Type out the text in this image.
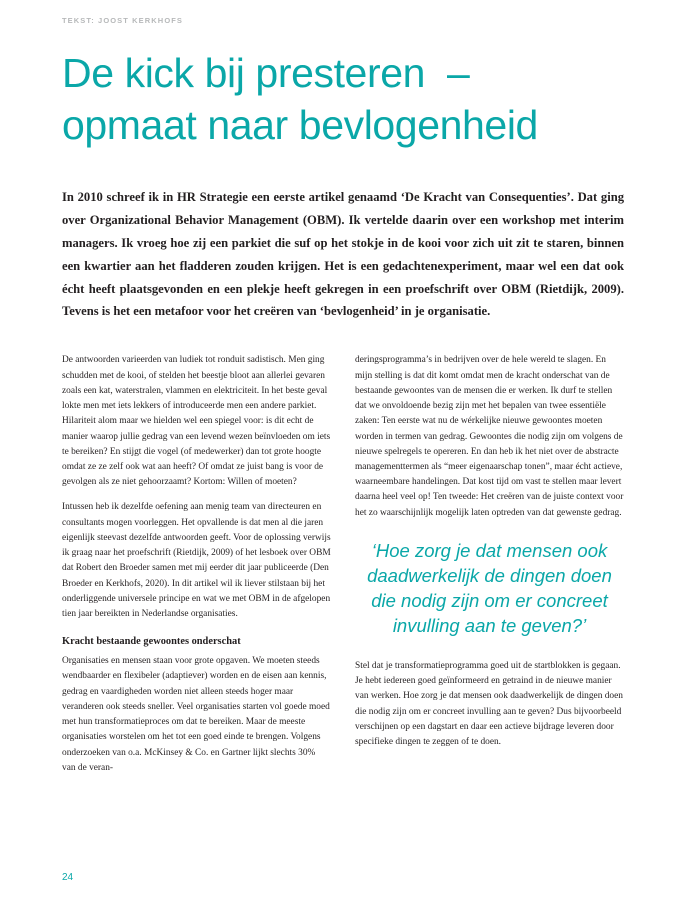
TEKST: JOOST KERKHOFS
De kick bij presteren  –
opmaat naar bevlogenheid
In 2010 schreef ik in HR Strategie een eerste artikel genaamd ‘De Kracht van Consequenties’. Dat ging over Organizational Behavior Management (OBM). Ik vertelde daarin over een workshop met interim managers. Ik vroeg hoe zij een parkiet die suf op het stokje in de kooi voor zich uit zit te staren, binnen een kwartier aan het fladderen zouden krijgen. Het is een gedachtenexperiment, maar wel een dat ook écht heeft plaatsgevonden en een plekje heeft gekregen in een proefschrift over OBM (Rietdijk, 2009). Tevens is het een metafoor voor het creëren van ‘bevlogenheid’ in je organisatie.

De antwoorden varieerden van ludiek tot ronduit sadistisch. Men ging schudden met de kooi, of stelden het beestje bloot aan allerlei gevaren zoals een kat, waterstralen, vlammen en elektriciteit. In het beste geval lokte men met iets lekkers of introduceerde men een andere parkiet. Hilariteit alom maar we hielden wel een spiegel voor: is dit echt de manier waarop jullie gedrag van een levend wezen beïnvloeden om iets te bereiken? En stijgt die vogel (of medewerker) dan tot grote hoogte omdat ze ze zelf ook wat aan heeft? Of omdat ze juist bang is voor de gevolgen als ze niet gehoorzaamt? Kortom: Willen of moeten?

Intussen heb ik dezelfde oefening aan menig team van directeuren en consultants mogen voorleggen. Het opvallende is dat men al die jaren eigenlijk steevast dezelfde antwoorden geeft. Voor de oplossing verwijs ik graag naar het proefschrift (Rietdijk, 2009) of het lesboek over OBM dat Robert den Broeder samen met mij eerder dit jaar publiceerde (Den Broeder en Kerkhofs, 2020). In dit artikel wil ik liever stilstaan bij het onderliggende universele principe en wat we met OBM in de afgelopen tien jaar bereikten in Nederlandse organisaties.

Kracht bestaande gewoontes onderschat

Organisaties en mensen staan voor grote opgaven. We moeten steeds wendbaarder en flexibeler (adaptiever) worden en de eisen aan kennis, gedrag en vaardigheden worden niet alleen steeds hoger maar veranderen ook steeds sneller. Veel organisaties starten vol goede moed met hun transformatieproces om dat te bereiken. Maar de meeste organisaties worstelen om het tot een goed einde te brengen. Volgens onderzoeken van o.a. McKinsey & Co. en Gartner lijkt slechts 30% van de veran-

deringsprogramma’s in bedrijven over de hele wereld te slagen. En mijn stelling is dat dit komt omdat men de kracht onderschat van de bestaande gewoontes van de mensen die er werken. Ik durf te stellen dat we onvoldoende bezig zijn met het bepalen van twee essentiële zaken: Ten eerste wat nu de wérkelijke nieuwe gewoontes moeten worden in termen van gedrag. Gewoontes die nodig zijn om volgens de nieuwe spelregels te opereren. En dan heb ik het niet over de abstracte managementtermen als “meer eigenaarschap tonen”, maar écht actieve, waarneembare handelingen. Dat kost tijd om vast te stellen maar levert daarna heel veel op! Ten tweede: Het creëren van de juiste context voor het zo waarschijnlijk mogelijk laten optreden van dat gewenste gedrag.

‘Hoe zorg je dat mensen ook daadwerkelijk de dingen doen die nodig zijn om er concreet invulling aan te geven?’

Stel dat je transformatieprogramma goed uit de startblokken is gegaan. Je hebt iedereen goed geïnformeerd en getraind in de nieuwe manier van werken. Hoe zorg je dat mensen ook daadwerkelijk de dingen doen die nodig zijn om er concreet invulling aan te geven? Dus bijvoorbeeld verschijnen op een dagstart en daar een actieve bijdrage leveren door specifieke dingen te zeggen of te doen.

24
